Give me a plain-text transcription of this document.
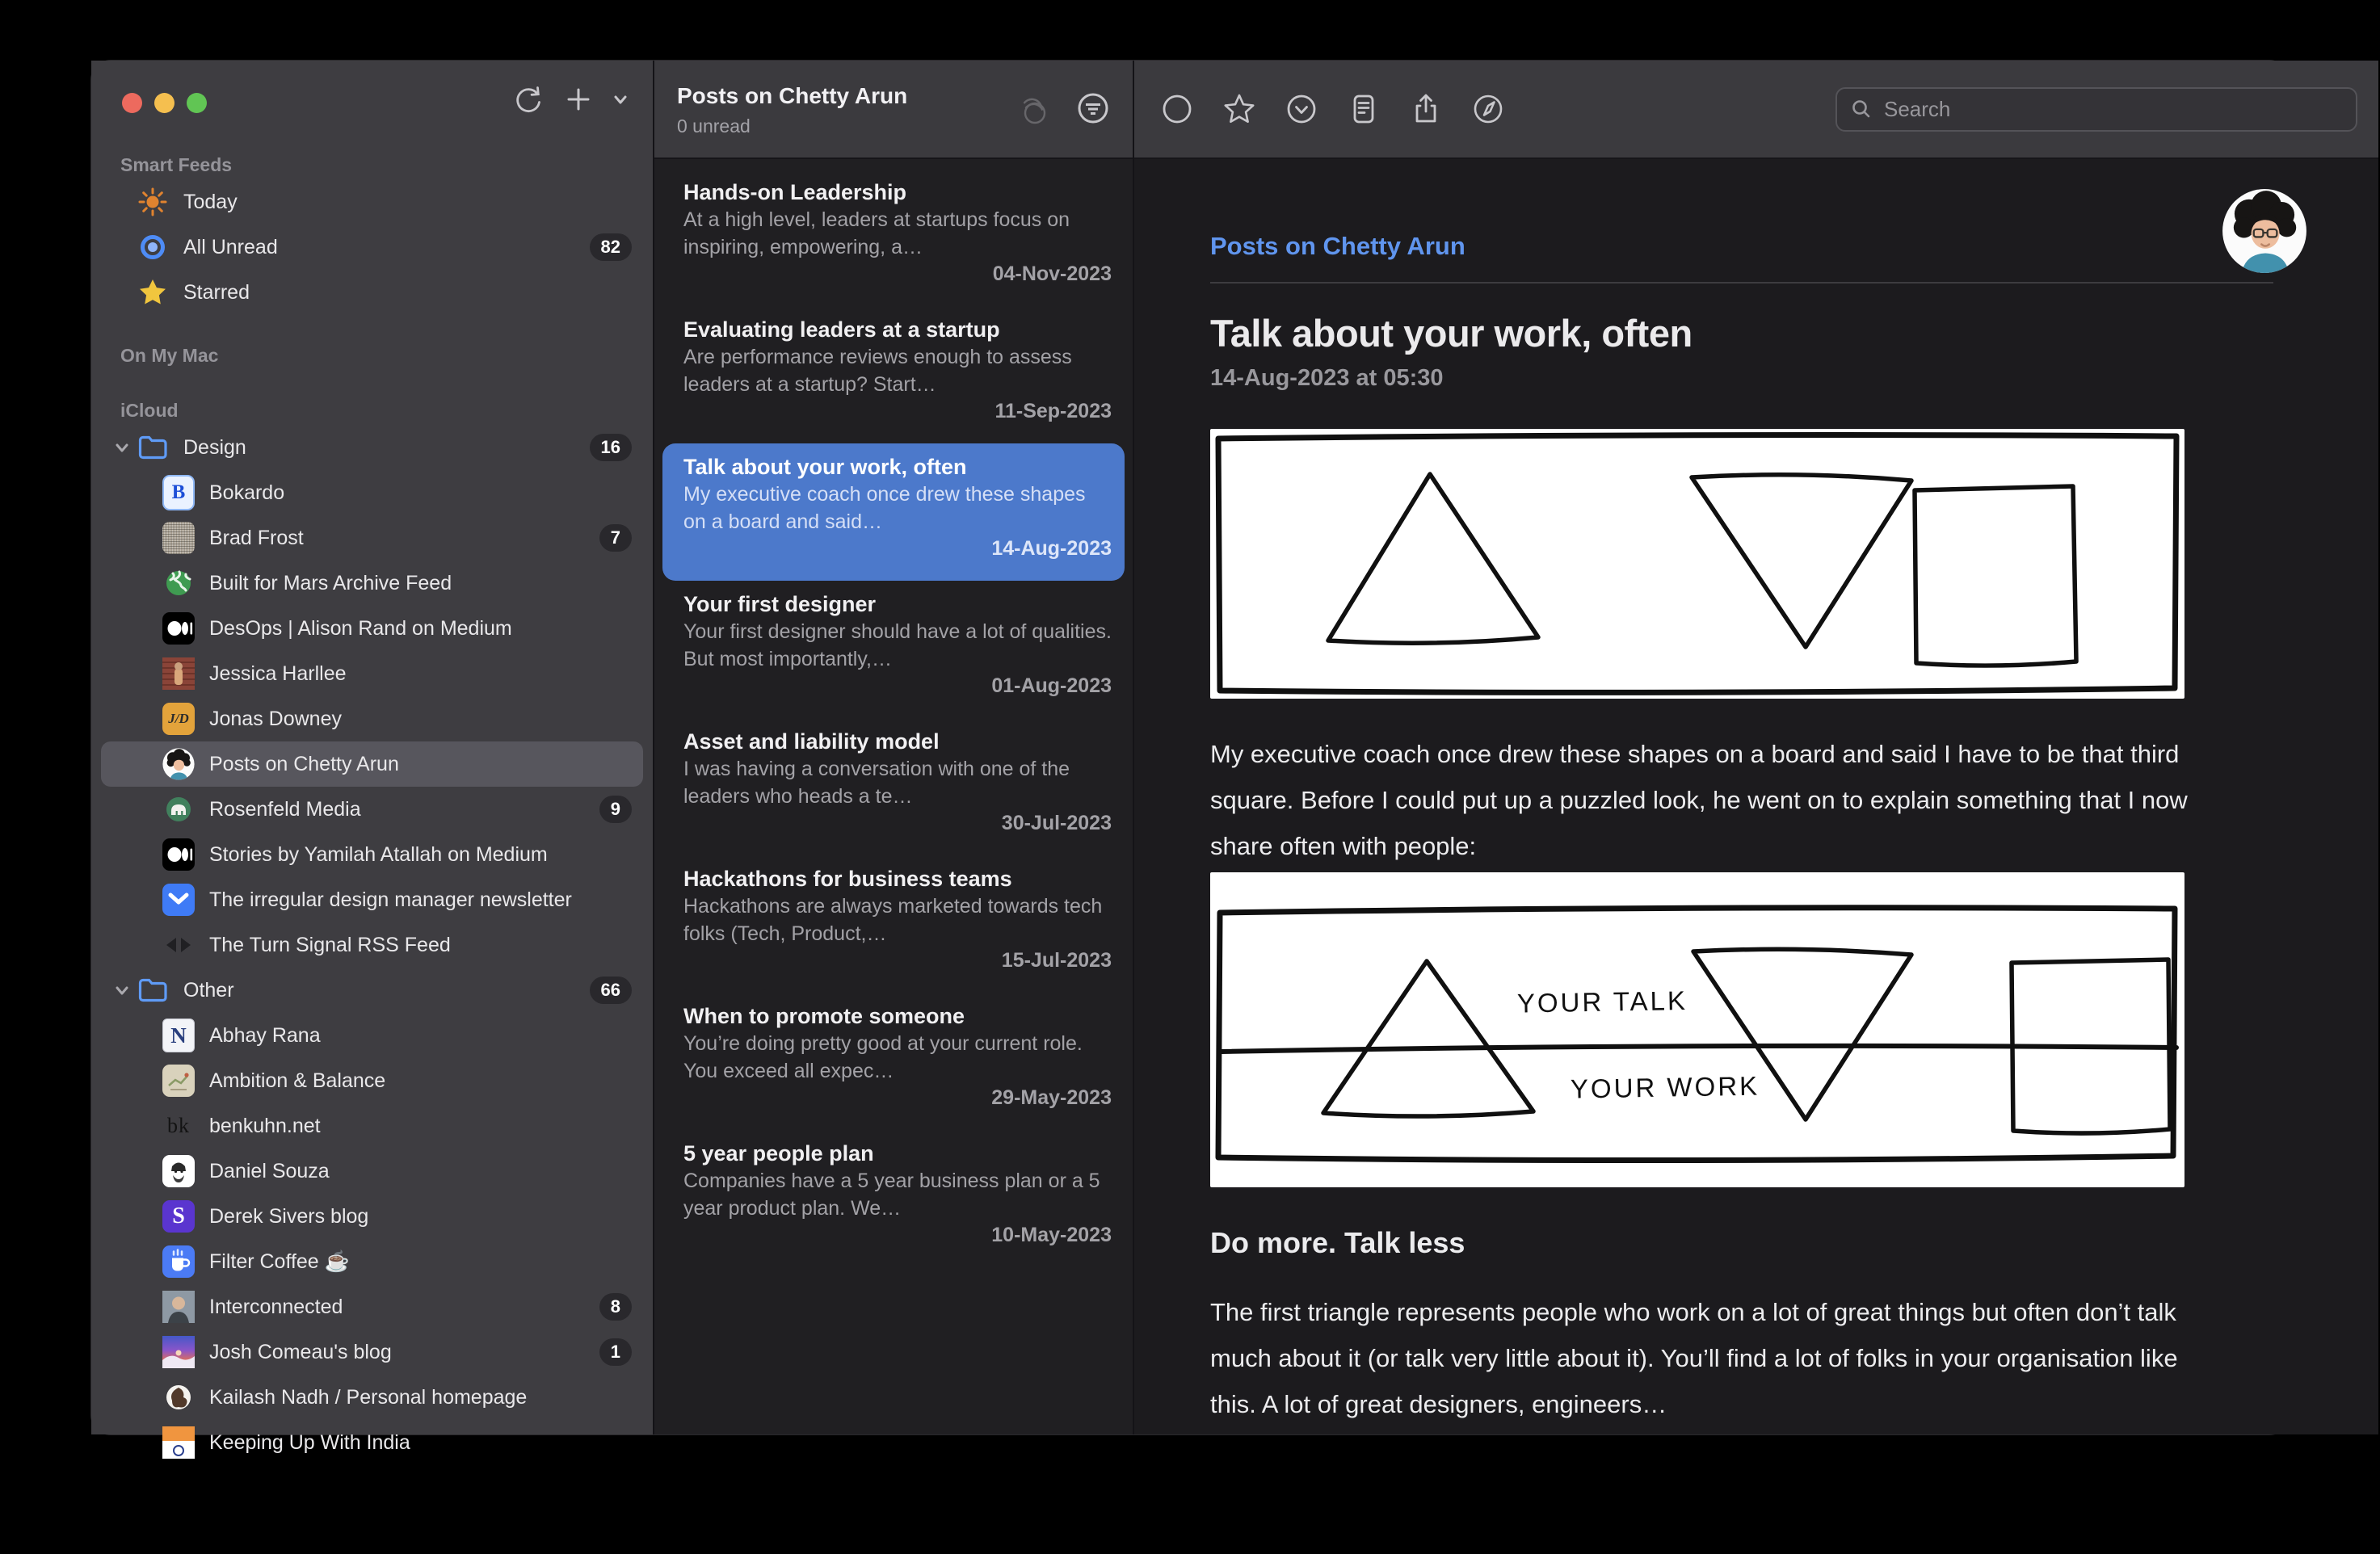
Smart Feeds
Today
All Unread	82
Starred
On My Mac
iCloud
Design	16
B	Bokardo
Brad Frost	7
Built for Mars Archive Feed
DesOps | Alison Rand on Medium
Jessica Harllee
J/D Jonas Downey
Posts on Chetty Arun
Rosenfeld Media	9
Stories by Yamilah Atallah on Medium
The irregular design manager newsletter
The Turn Signal RSS Feed
Other	66
N	Abhay Rana
Ambition & Balance
bk benkuhn.net
Daniel Souza
S	Derek Sivers blog
Filter Coffee ☕
Interconnected	8
Josh Comeau's blog	1
Kailash Nadh / Personal homepage
Keeping Up With India
Posts on Chetty Arun
0 unread
Hands-on Leadership
At a high level, leaders at startups focus on inspiring, empowering, a…
04-Nov-2023
Evaluating leaders at a startup
Are performance reviews enough to assess leaders at a startup? Start…
11-Sep-2023
Talk about your work, often
My executive coach once drew these shapes on a board and said…
14-Aug-2023
Your first designer
Your first designer should have a lot of qualities. But most importantly,…
01-Aug-2023
Asset and liability model
I was having a conversation with one of the leaders who heads a te…
30-Jul-2023
Hackathons for business teams
Hackathons are always marketed towards tech folks (Tech, Product,…
15-Jul-2023
When to promote someone
You’re doing pretty good at your current role. You exceed all expec…
29-May-2023
5 year people plan
Companies have a 5 year business plan or a 5 year product plan. We…
10-May-2023
Search
Posts on Chetty Arun
Talk about your work, often
14-Aug-2023 at 05:30
My executive coach once drew these shapes on a board and said I have to be that third square. Before I could put up a puzzled look, he went on to explain something that I now share often with people:
YOUR TALK
YOUR WORK
Do more. Talk less
The first triangle represents people who work on a lot of great things but often don’t talk much about it (or talk very little about it). You’ll find a lot of folks in your organisation like this. A lot of great designers, engineers…
